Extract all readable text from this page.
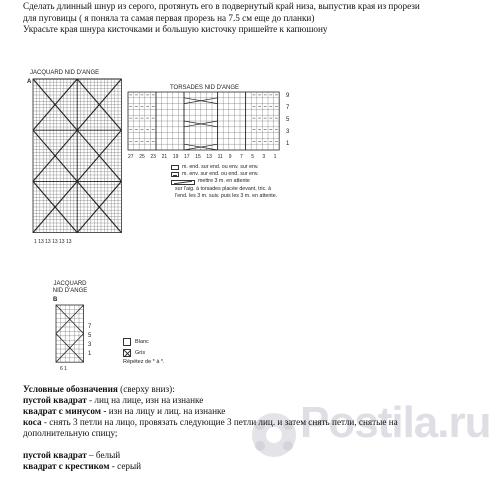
Сделать длинный шнур из серого, протянуть его в подвернутый край низа, выпустив края из прорези

для пуговицы ( я поняла та самая первая прорезь на 7.5 см еще до планки)

Украсьте края шнура кисточками и большую кисточку пришейте к капюшону

JACQUARD NID D'ANGE
A
1 13 13 13 13 13
TORSADES NID D'ANGE
9
7
5
3
1
27 25 23 21 19 17 15 13 11 9 7 5 3 1
m. end. sur end. ou env. sur env.
m. env. sur end. ou end. sur env.
mettre 3 m. en attente
sur l'aig. à torsades placée devant, tric. à
l'end. les 3 m. suiv. puis les 3 m. en attente.
JACQUARD
NID D'ANGE
B
7
5
3
1
6 1
Blanc
Gris
Répétez de * à *.
Postila.ru

Условные обозначения (сверху вниз):

пустой квадрат - лиц на лице, изн на изнанке

квадрат с минусом - изн на лицу и лиц. на изнанке

коса - снять 3 петли на лицо, провязать следующие 3 петли лиц. и затем снять петли, снятые на

дополнительную спицу;

пустой квадрат – белый

квадрат с крестиком - серый
